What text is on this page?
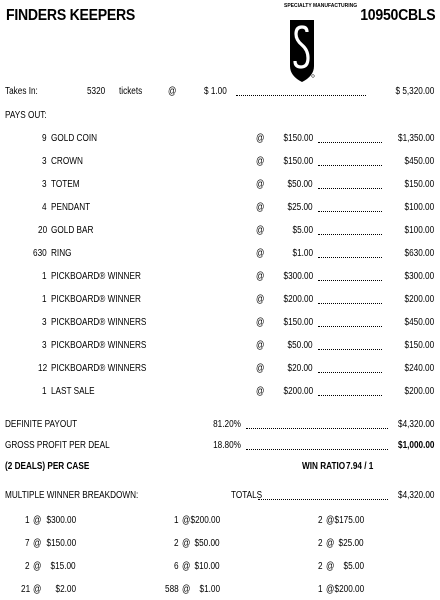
FINDERS KEEPERS	10950CBLS
SPECIALTY MANUFACTURING
Takes In:	5320 tickets	@	$ 1.00	$ 5,320.00
PAYS OUT:
9 GOLD COIN	@ $150.00	$1,350.00
3 CROWN	@ $150.00	$450.00
3 TOTEM	@ $50.00	$150.00
4 PENDANT	@ $25.00	$100.00
20 GOLD BAR	@	$5.00	$100.00
630 RING	@	$1.00	$630.00
1 PICKBOARD® WINNER	@ $300.00	$300.00
1 PICKBOARD® WINNER	@ $200.00	$200.00
3 PICKBOARD® WINNERS	@ $150.00	$450.00
3 PICKBOARD® WINNERS	@ $50.00	$150.00
12 PICKBOARD® WINNERS	@ $20.00	$240.00
1 LAST SALE	@ $200.00	$200.00
DEFINITE PAYOUT	81.20%	$4,320.00
GROSS PROFIT PER DEAL	18.80%	$1,000.00
(2 DEALS) PER CASE	WIN RATIO 7.94 / 1
MULTIPLE WINNER BREAKDOWN:	TOTALS	$4,320.00
1 @ $300.00	1 @ $200.00	2 @ $175.00
7 @ $150.00	2 @ $50.00	2 @ $25.00
2 @ $15.00	6 @ $10.00	2 @ $5.00
21 @ $2.00	588 @ $1.00	1 @ $200.00
